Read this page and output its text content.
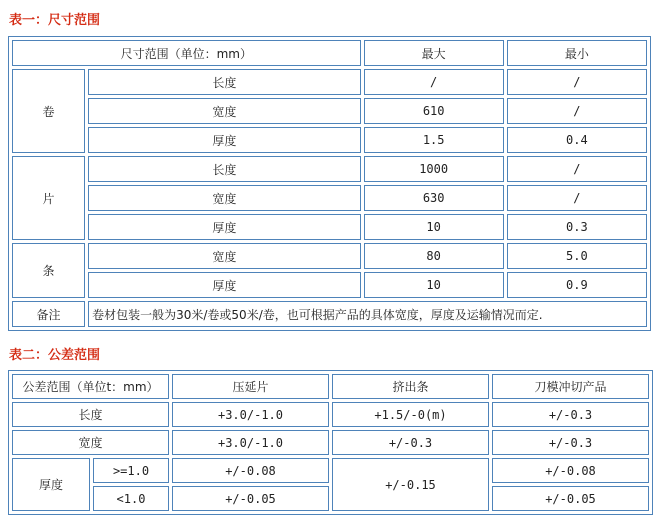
表一：尺寸范围
尺寸范围（单位：mm）		最大	最小
卷	长度	/	/
	宽度	610	/
	厚度	1.5	0.4
片	长度	1000	/
	宽度	630	/
	厚度	10	0.3
条	宽度	80	5.0
	厚度	10	0.9
备注	卷材包装一般为30米/卷或50米/卷，也可根据产品的具体宽度，厚度及运输情况而定.		
表二：公差范围
公差范围（单位t：mm）		压延片	挤出条	刀模冲切产品
长度		+3.0/-1.0	+1.5/-0(m)	+/-0.3
宽度		+3.0/-1.0	+/-0.3	+/-0.3
厚度	>=1.0	+/-0.08	+/-0.15	+/-0.08
	<1.0	+/-0.05		+/-0.05
